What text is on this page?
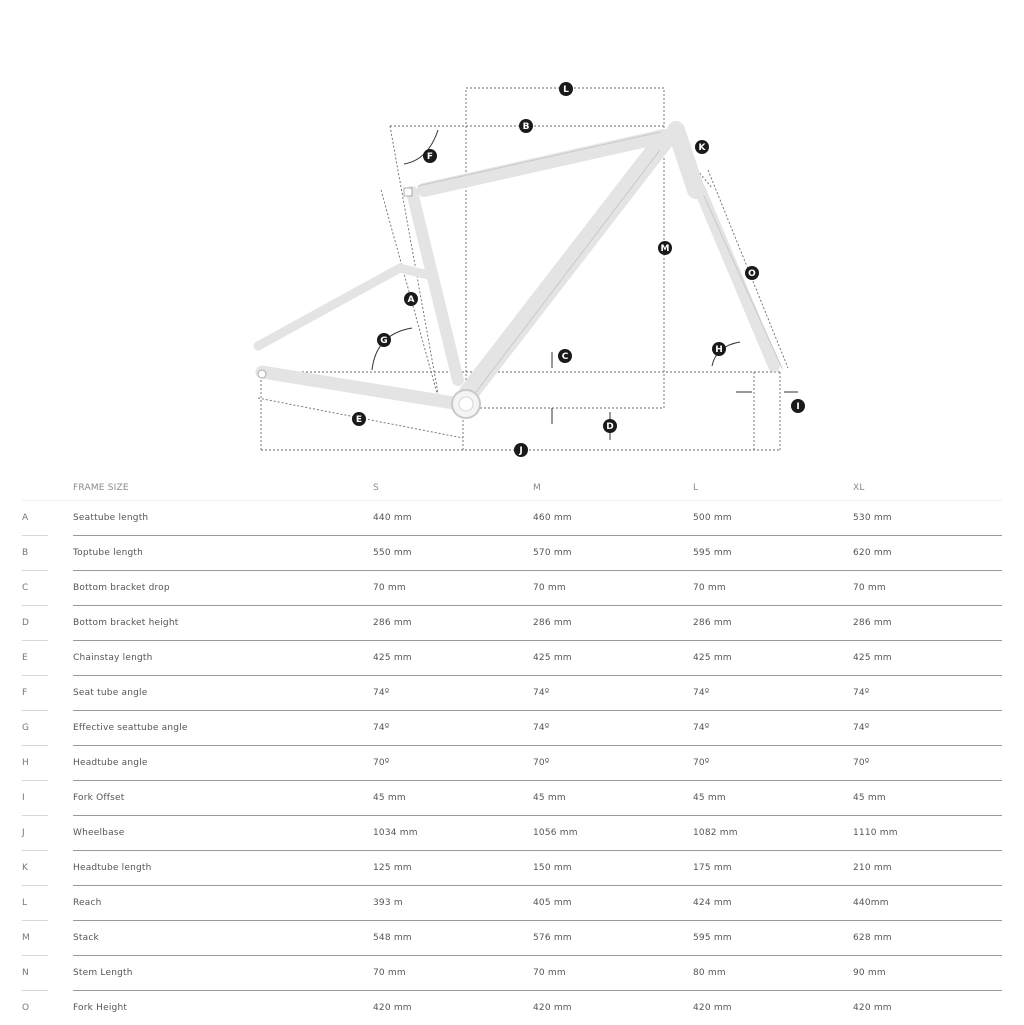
L
B
F
K
M
O
A
G
C
H
I
E
D
J
		FRAME SIZE	S	M	L	XL
A		Seattube length	440 mm	460 mm	500 mm	530 mm
B		Toptube length	550 mm	570 mm	595 mm	620 mm
C		Bottom bracket drop	70 mm	70 mm	70 mm	70 mm
D		Bottom bracket height	286 mm	286 mm	286 mm	286 mm
E		Chainstay length	425 mm	425 mm	425 mm	425 mm
F		Seat tube angle	74º	74º	74º	74º
G		Effective seattube angle	74º	74º	74º	74º
H		Headtube angle	70º	70º	70º	70º
I		Fork Offset	45 mm	45 mm	45 mm	45 mm
J		Wheelbase	1034 mm	1056 mm	1082 mm	1110 mm
K		Headtube length	125 mm	150 mm	175 mm	210 mm
L		Reach	393 m	405 mm	424 mm	440mm
M		Stack	548 mm	576 mm	595 mm	628 mm
N		Stem Length	70 mm	70 mm	80 mm	90 mm
O		Fork Height	420 mm	420 mm	420 mm	420 mm
